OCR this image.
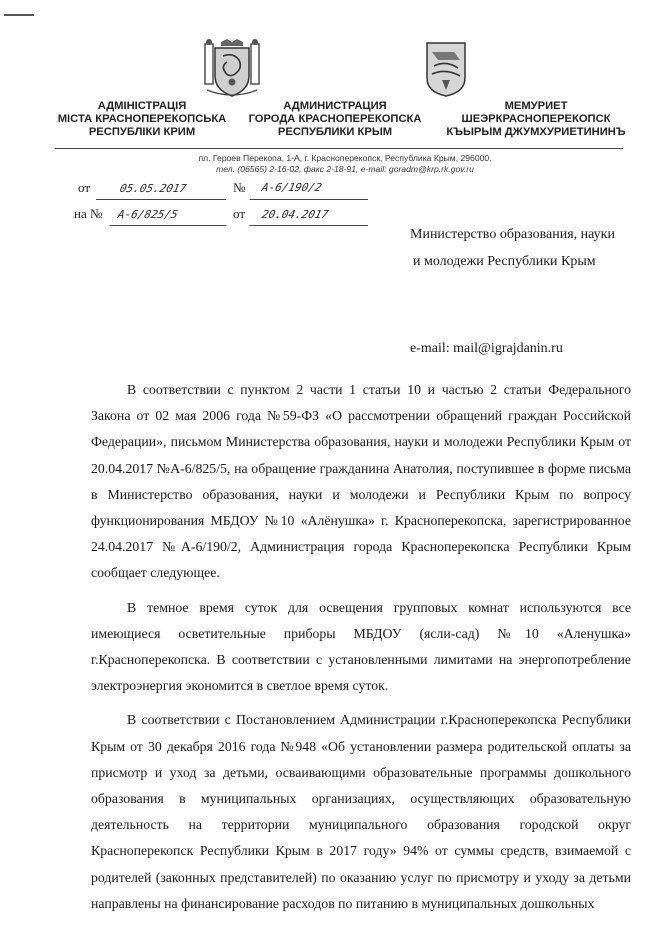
АДМІНІСТРАЦІЯ
МІСТА КРАСНОПЕРЕКОПСЬКА
РЕСПУБЛІКИ КРИМ
АДМИНИСТРАЦИЯ
ГОРОДА КРАСНОПЕРЕКОПСКА
РЕСПУБЛИКИ КРЫМ
МЕМУРИЕТ
ШЕЭРКРАСНОПЕРЕКОПСК
КЪЫРЫМ ДЖУМХУРИЕТИНИНЪ
пл. Героев Перекопа, 1-А, г. Красноперекопск, Республика Крым, 296000,
тел. (06565) 2-16-02, факс 2-18-91, e-mail: goradm@krp.rk.gov.ru
от	05.05.2017	№ А-6/190/2
на № А-6/825/5	от 20.04.2017
Министерство образования, науки
и молодежи Республики Крым
e-mail: mail@igrajdanin.ru

В соответствии с пунктом 2 части 1 статьи 10 и частью 2 статьи Федерального Закона от 02 мая 2006 года №59-ФЗ «О рассмотрении обращений граждан Российской Федерации», письмом Министерства образования, науки и молодежи Республики Крым от 20.04.2017 №А-6/825/5, на обращение гражданина Анатолия, поступившее в форме письма в Министерство образования, науки и молодежи и Республики Крым по вопросу функционирования МБДОУ №10 «Алёнушка» г. Красноперекопска, зарегистрированное 24.04.2017 №А-6/190/2, Администрация города Красноперекопска Республики Крым сообщает следующее.

В темное время суток для освещения групповых комнат используются все имеющиеся осветительные приборы МБДОУ (ясли-сад) №10 «Аленушка» г.Красноперекопска. В соответствии с установленными лимитами на энергопотребление электроэнергия экономится в светлое время суток.

В соответствии с Постановлением Администрации г.Красноперекопска Республики Крым от 30 декабря 2016 года №948 «Об установлении размера родительской оплаты за присмотр и уход за детьми, осваивающими образовательные программы дошкольного образования в муниципальных организациях, осуществляющих образовательную деятельность на территории муниципального образования городской округ Красноперекопск Республики Крым в 2017 году» 94% от суммы средств, взимаемой с родителей (законных представителей) по оказанию услуг по присмотру и уходу за детьми направлены на финансирование расходов по питанию в муниципальных дошкольных
